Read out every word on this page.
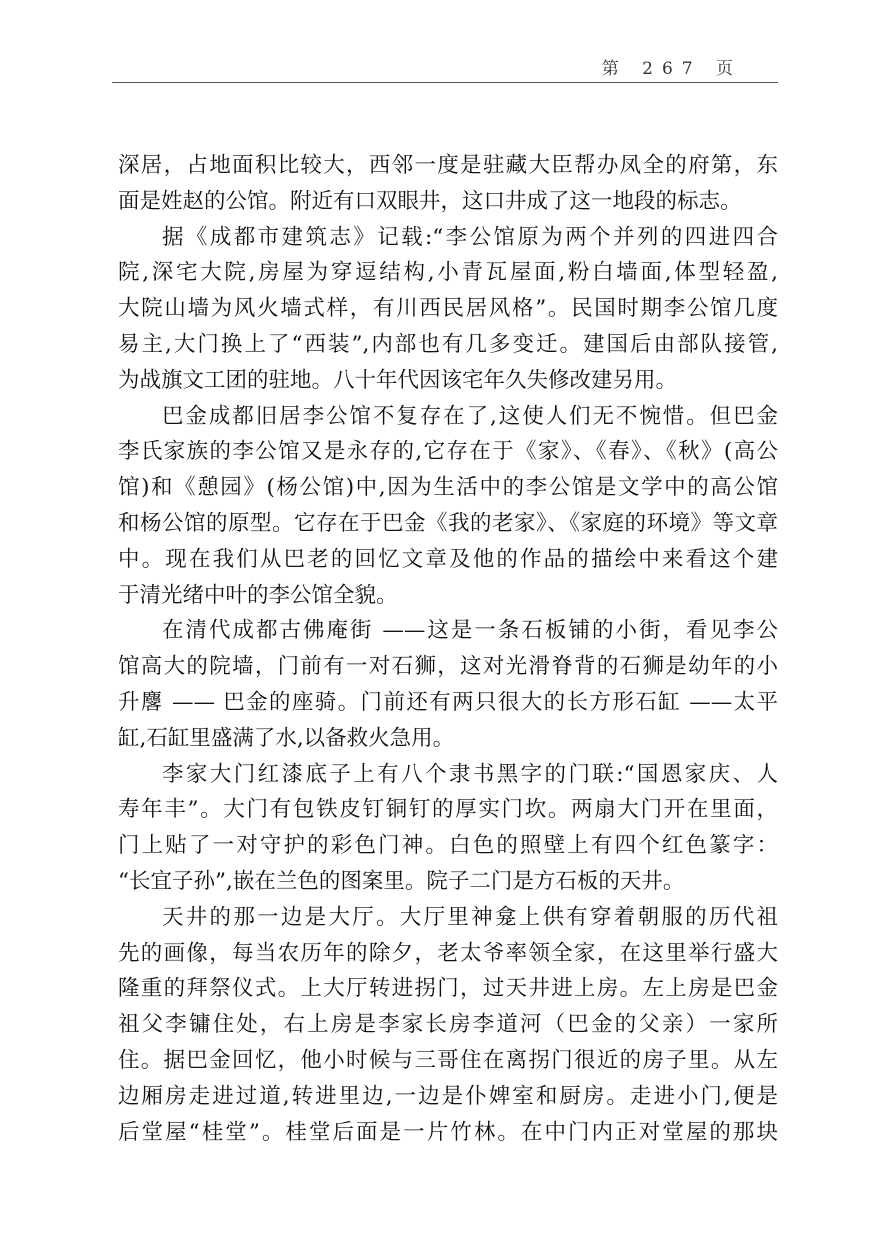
第 267 页
深居，占地面积比较大，西邻一度是驻藏大臣帮办凤全的府第，东
面是姓赵的公馆。附近有口双眼井，这口井成了这一地段的标志。
据《成都市建筑志》记载:“李公馆原为两个并列的四进四合
院,深宅大院,房屋为穿逗结构,小青瓦屋面,粉白墙面,体型轻盈,
大院山墙为风火墙式样，有川西民居风格”。民国时期李公馆几度
易主,大门换上了“西装”,内部也有几多变迁。建国后由部队接管,
为战旗文工团的驻地。八十年代因该宅年久失修改建另用。
巴金成都旧居李公馆不复存在了,这使人们无不惋惜。但巴金
李氏家族的李公馆又是永存的,它存在于《家》、《春》、《秋》(高公
馆)和《憩园》(杨公馆)中,因为生活中的李公馆是文学中的高公馆
和杨公馆的原型。它存在于巴金《我的老家》、《家庭的环境》等文章
中。现在我们从巴老的回忆文章及他的作品的描绘中来看这个建
于清光绪中叶的李公馆全貌。
在清代成都古佛庵街 ——这是一条石板铺的小街，看见李公
馆高大的院墙，门前有一对石狮，这对光滑脊背的石狮是幼年的小
升麐 —— 巴金的座骑。门前还有两只很大的长方形石缸 ——太平
缸,石缸里盛满了水,以备救火急用。
李家大门红漆底子上有八个隶书黑字的门联:“国恩家庆、人
寿年丰”。大门有包铁皮钉铜钉的厚实门坎。两扇大门开在里面，
门上贴了一对守护的彩色门神。白色的照壁上有四个红色篆字：
“长宜子孙”,嵌在兰色的图案里。院子二门是方石板的天井。
天井的那一边是大厅。大厅里神龛上供有穿着朝服的历代祖
先的画像，每当农历年的除夕，老太爷率领全家，在这里举行盛大
隆重的拜祭仪式。上大厅转进拐门，过天井进上房。左上房是巴金
祖父李镛住处，右上房是李家长房李道河（巴金的父亲）一家所
住。据巴金回忆，他小时候与三哥住在离拐门很近的房子里。从左
边厢房走进过道,转进里边,一边是仆婢室和厨房。走进小门,便是
后堂屋“桂堂”。桂堂后面是一片竹林。在中门内正对堂屋的那块
